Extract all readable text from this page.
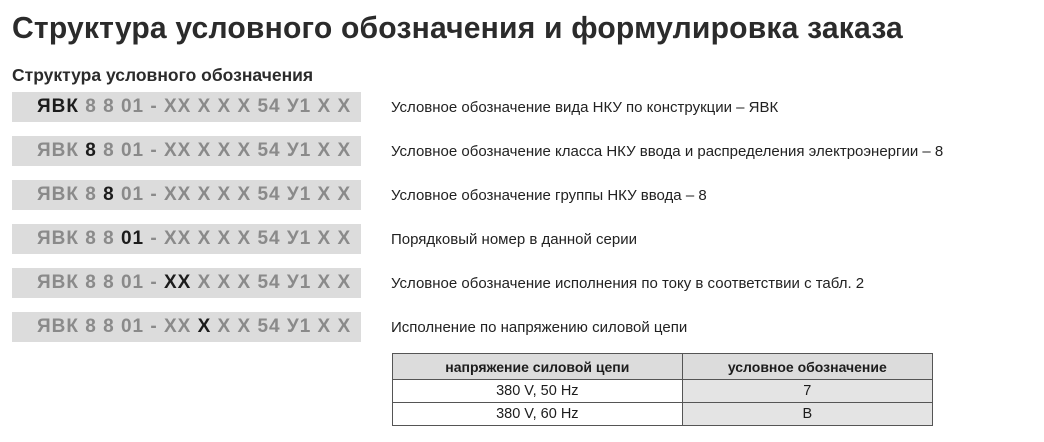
Структура условного обозначения и формулировка заказа
Структура условного обозначения
ЯВК 8 8 01 - XX X X X 54 У1 X X	Условное обозначение вида НКУ по конструкции – ЯВК
ЯВК 8 8 01 - XX X X X 54 У1 X X	Условное обозначение класса НКУ ввода и распределения электроэнергии – 8
ЯВК 8 8 01 - XX X X X 54 У1 X X	Условное обозначение группы НКУ ввода – 8
ЯВК 8 8 01 - XX X X X 54 У1 X X	Порядковый номер в данной серии
ЯВК 8 8 01 - XX X X X 54 У1 X X	Условное обозначение исполнения по току в соответствии с табл. 2
ЯВК 8 8 01 - XX X X X 54 У1 X X	Исполнение по напряжению силовой цепи
напряжение силовой цепи	условное обозначение
380 V, 50 Hz	7
380 V, 60 Hz	B
